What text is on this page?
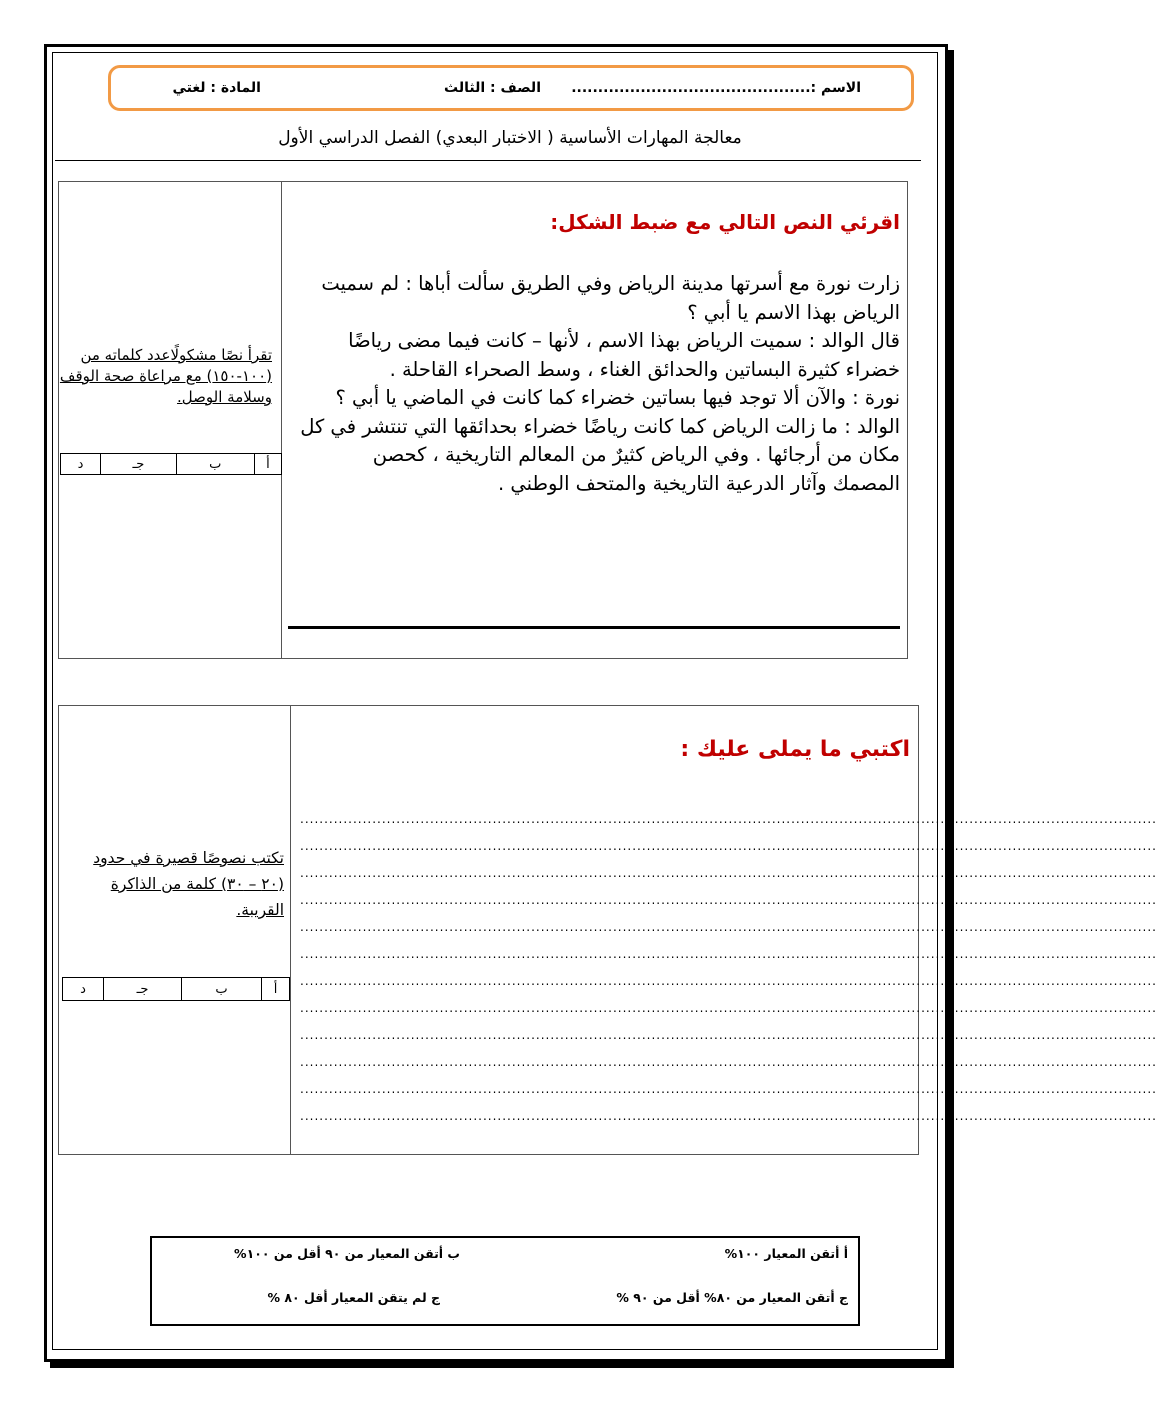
الاسم :.............................................
الصف : الثالث
المادة : لغتي
معالجة المهارات الأساسية ( الاختبار البعدي) الفصل الدراسي الأول
اقرئي النص التالي مع ضبط الشكل:

زارت نورة مع أسرتها مدينة الرياض وفي الطريق سألت أباها : لم سميت الرياض بهذا الاسم يا أبي ؟

قال الوالد : سميت الرياض بهذا الاسم ، لأنها – كانت فيما مضى رياضًا خضراء كثيرة البساتين والحدائق الغناء ، وسط الصحراء القاحلة .

نورة : والآن ألا توجد فيها بساتين خضراء كما كانت في الماضي يا أبي ؟

الوالد : ما زالت الرياض كما كانت رياضًا خضراء بحدائقها التي تنتشر في كل مكان من أرجائها . وفي الرياض كثيرٌ من المعالم التاريخية ، كحصن المصمك وآثار الدرعية التاريخية والمتحف الوطني .

تقرأ نصًا مشكولًاعدد كلماته من (١٠٠-١٥٠) مع مراعاة صحة الوقف وسلامة الوصل.
أ	ب	جـ	د
اكتبي ما يملى عليك :
..................................................................................................................................................................................
..................................................................................................................................................................................
..................................................................................................................................................................................
..................................................................................................................................................................................
..................................................................................................................................................................................
..................................................................................................................................................................................
..................................................................................................................................................................................
..................................................................................................................................................................................
..................................................................................................................................................................................
..................................................................................................................................................................................
..................................................................................................................................................................................
..................................................................................................................................................................................
تكتب نصوصًا قصيرة في حدود (٢٠ – ٣٠) كلمة من الذاكرة القريبة.
أ	ب	جـ	د
أ أتقن المعيار ١٠٠%
ب أتقن المعيار من ٩٠ أقل من ١٠٠%
ج أتقن المعيار من ٨٠% أقل من ٩٠ %
ج لم يتقن المعيار أقل ٨٠ %
